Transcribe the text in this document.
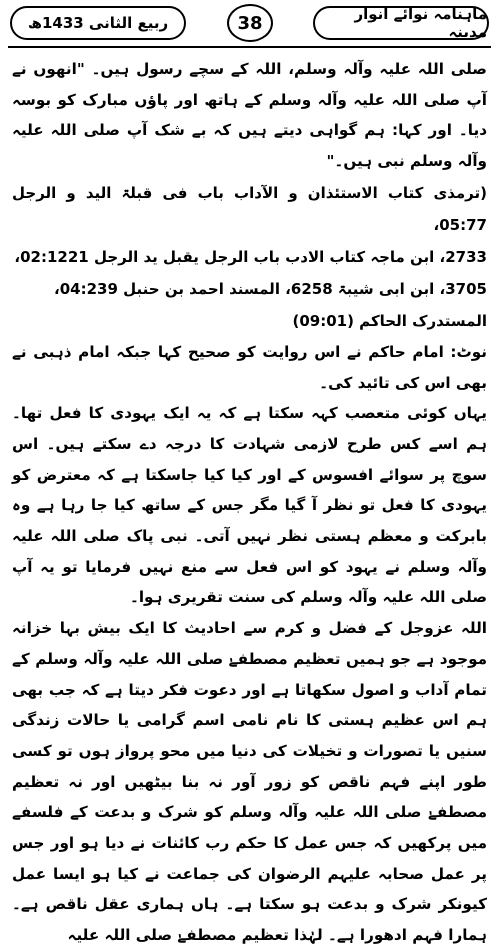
ماہنامہ نوائے انوار مدینہ
38
ربیع الثانی 1433ھ

صلی اللہ علیہ وآلہ وسلم، اللہ کے سچے رسول ہیں۔ "انھوں نے آپ صلی اللہ علیہ وآلہ وسلم کے ہاتھ اور پاؤں مبارک کو بوسہ دیا۔ اور کہا: ہم گواہی دیتے ہیں کہ بے شک آپ صلی اللہ علیہ وآلہ وسلم نبی ہیں۔"

(ترمذی کتاب الاستئذان و الآداب باب فی قبلۃ الید و الرجل 05:77،
2733، ابن ماجہ کتاب الادب باب الرجل یقبل ید الرجل 02:1221،
3705، ابن ابی شیبۃ 6258، المسند احمد بن حنبل 04:239،
المستدرک الحاکم (09:01)

نوٹ: امام حاکم نے اس روایت کو صحیح کہا جبکہ امام ذہبی نے بھی اس کی تائید کی۔

یہاں کوئی متعصب کہہ سکتا ہے کہ یہ ایک یہودی کا فعل تھا۔ ہم اسے کس طرح لازمی شہادت کا درجہ دے سکتے ہیں۔ اس سوچ پر سوائے افسوس کے اور کیا کیا جاسکتا ہے کہ معترض کو یہودی کا فعل تو نظر آ گیا مگر جس کے ساتھ کیا جا رہا ہے وہ بابرکت و معظم ہستی نظر نہیں آتی۔ نبی پاک صلی اللہ علیہ وآلہ وسلم نے یہود کو اس فعل سے منع نہیں فرمایا تو یہ آپ صلی اللہ علیہ وآلہ وسلم کی سنت تقریری ہوا۔

اللہ عزوجل کے فضل و کرم سے احادیث کا ایک بیش بہا خزانہ موجود ہے جو ہمیں تعظیم مصطفےٰ صلی اللہ علیہ وآلہ وسلم کے تمام آداب و اصول سکھاتا ہے اور دعوت فکر دیتا ہے کہ جب بھی ہم اس عظیم ہستی کا نام نامی اسم گرامی یا حالات زندگی سنیں یا تصورات و تخیلات کی دنیا میں محو پرواز ہوں تو کسی طور اپنے فہم ناقص کو زور آور نہ بنا بیٹھیں اور نہ تعظیم مصطفےٰ صلی اللہ علیہ وآلہ وسلم کو شرک و بدعت کے فلسفے میں پرکھیں کہ جس عمل کا حکم رب کائنات نے دیا ہو اور جس پر عمل صحابہ علیہم الرضوان کی جماعت نے کیا ہو ایسا عمل کیونکر شرک و بدعت ہو سکتا ہے۔ ہاں ہماری عقل ناقص ہے۔ ہمارا فہم ادھورا ہے۔ لہٰذا تعظیم مصطفےٰ صلی اللہ علیہ
